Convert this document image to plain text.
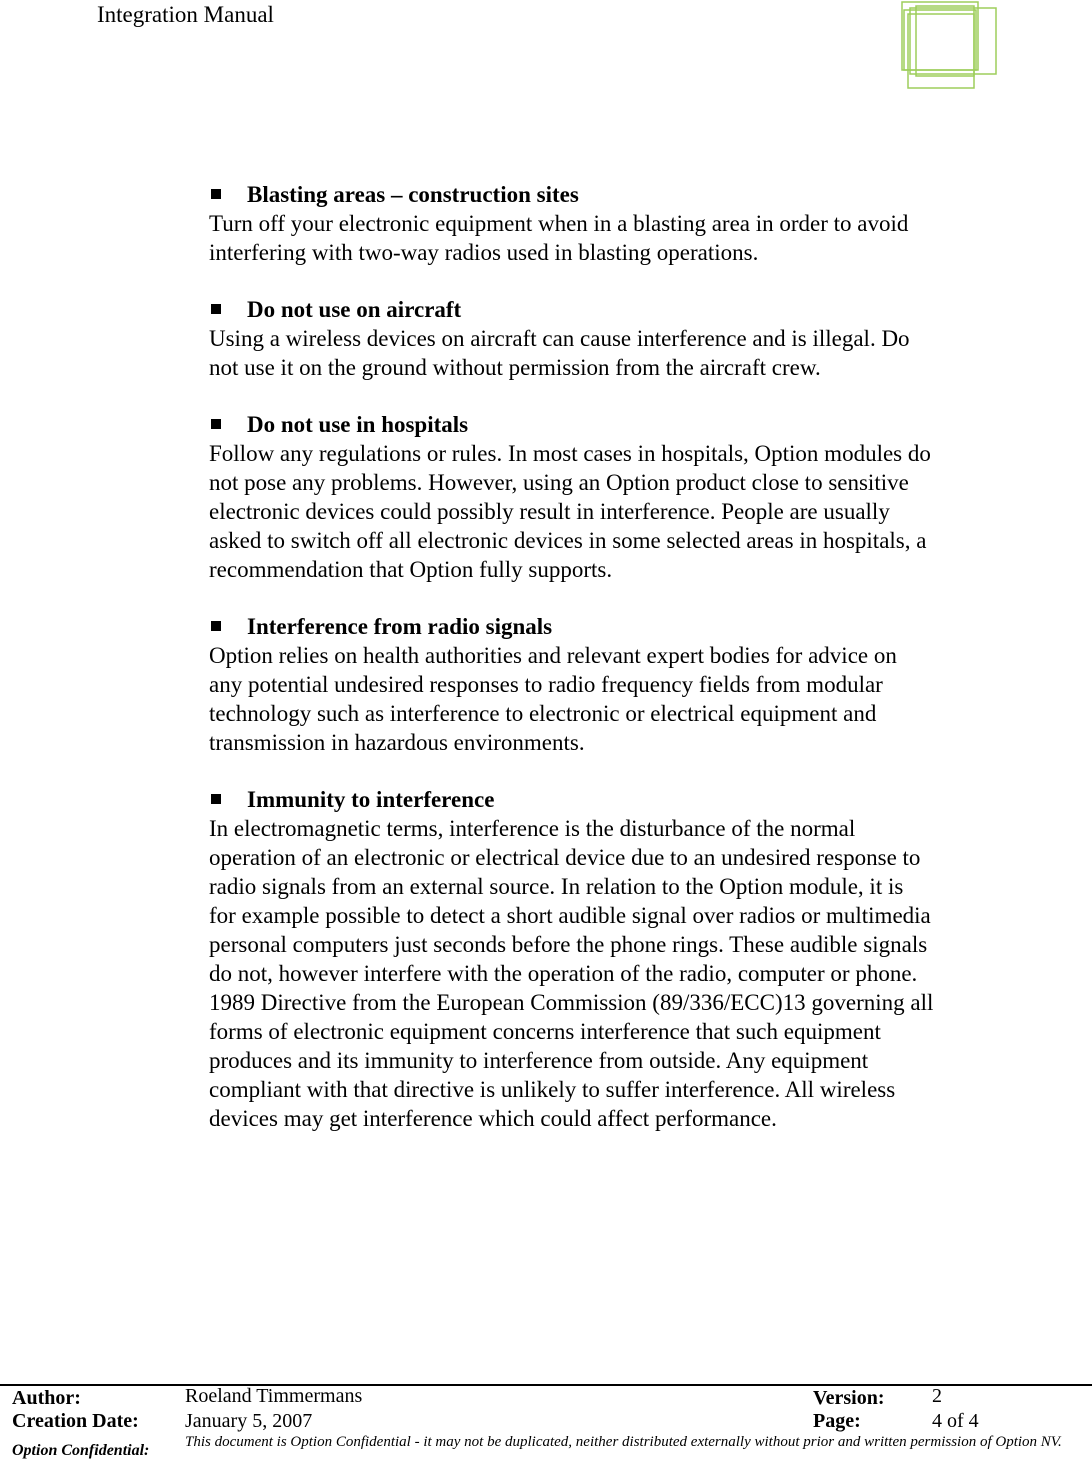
Integration Manual
Blasting areas – construction sites
Turn off your electronic equipment when in a blasting area in order to avoid
interfering with two-way radios used in blasting operations.
Do not use on aircraft
Using a wireless devices on aircraft can cause interference and is illegal. Do
not use it on the ground without permission from the aircraft crew.
Do not use in hospitals
Follow any regulations or rules. In most cases in hospitals, Option modules do
not pose any problems. However, using an Option product close to sensitive
electronic devices could possibly result in interference. People are usually
asked to switch off all electronic devices in some selected areas in hospitals, a
recommendation that Option fully supports.
Interference from radio signals
Option relies on health authorities and relevant expert bodies for advice on
any potential undesired responses to radio frequency fields from modular
technology such as interference to electronic or electrical equipment and
transmission in hazardous environments.
Immunity to interference
In electromagnetic terms, interference is the disturbance of the normal
operation of an electronic or electrical device due to an undesired response to
radio signals from an external source. In relation to the Option module, it is
for example possible to detect a short audible signal over radios or multimedia
personal computers just seconds before the phone rings. These audible signals
do not, however interfere with the operation of the radio, computer or phone.
1989 Directive from the European Commission (89/336/ECC)13 governing all
forms of electronic equipment concerns interference that such equipment
produces and its immunity to interference from outside. Any equipment
compliant with that directive is unlikely to suffer interference. All wireless
devices may get interference which could affect performance.
Author:	Roeland Timmermans	Version: 2
Creation Date: January 5, 2007	Page:	4 of 4
Option Confidential: This document is Option Confidential - it may not be duplicated, neither distributed externally without prior and written permission of Option NV.
